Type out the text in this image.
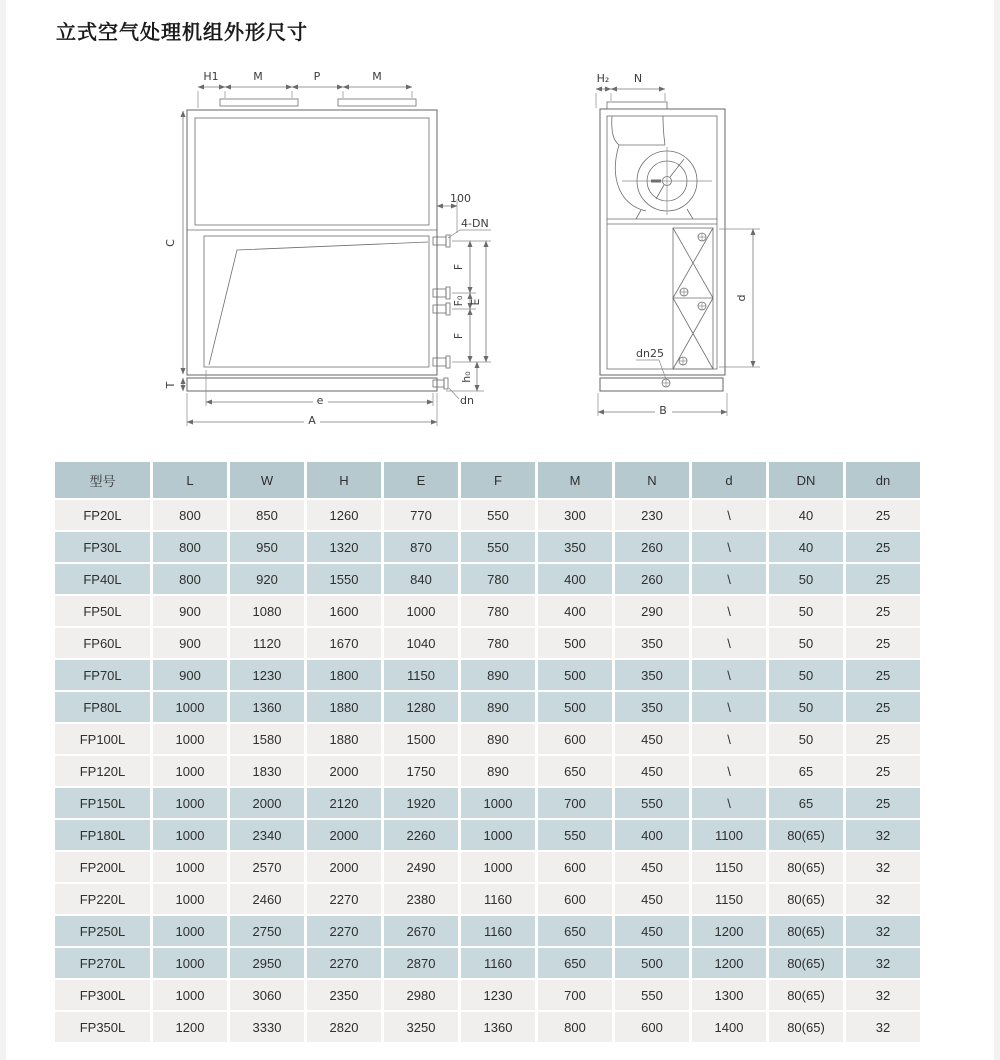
立式空气处理机组外形尺寸
H1	M	P	M
C
T
100
4-DN
F
F₀
F
E
h₀
dn
e
A
H₂ N
d
dn25
B
型号	L	W	H	E	F	M	N	d	DN	dn
FP20L	800	850	1260	770	550	300	230	\	40	25
FP30L	800	950	1320	870	550	350	260	\	40	25
FP40L	800	920	1550	840	780	400	260	\	50	25
FP50L	900	1080	1600	1000	780	400	290	\	50	25
FP60L	900	1120	1670	1040	780	500	350	\	50	25
FP70L	900	1230	1800	1150	890	500	350	\	50	25
FP80L	1000	1360	1880	1280	890	500	350	\	50	25
FP100L	1000	1580	1880	1500	890	600	450	\	50	25
FP120L	1000	1830	2000	1750	890	650	450	\	65	25
FP150L	1000	2000	2120	1920	1000	700	550	\	65	25
FP180L	1000	2340	2000	2260	1000	550	400	1100	80(65)	32
FP200L	1000	2570	2000	2490	1000	600	450	1150	80(65)	32
FP220L	1000	2460	2270	2380	1160	600	450	1150	80(65)	32
FP250L	1000	2750	2270	2670	1160	650	450	1200	80(65)	32
FP270L	1000	2950	2270	2870	1160	650	500	1200	80(65)	32
FP300L	1000	3060	2350	2980	1230	700	550	1300	80(65)	32
FP350L	1200	3330	2820	3250	1360	800	600	1400	80(65)	32
